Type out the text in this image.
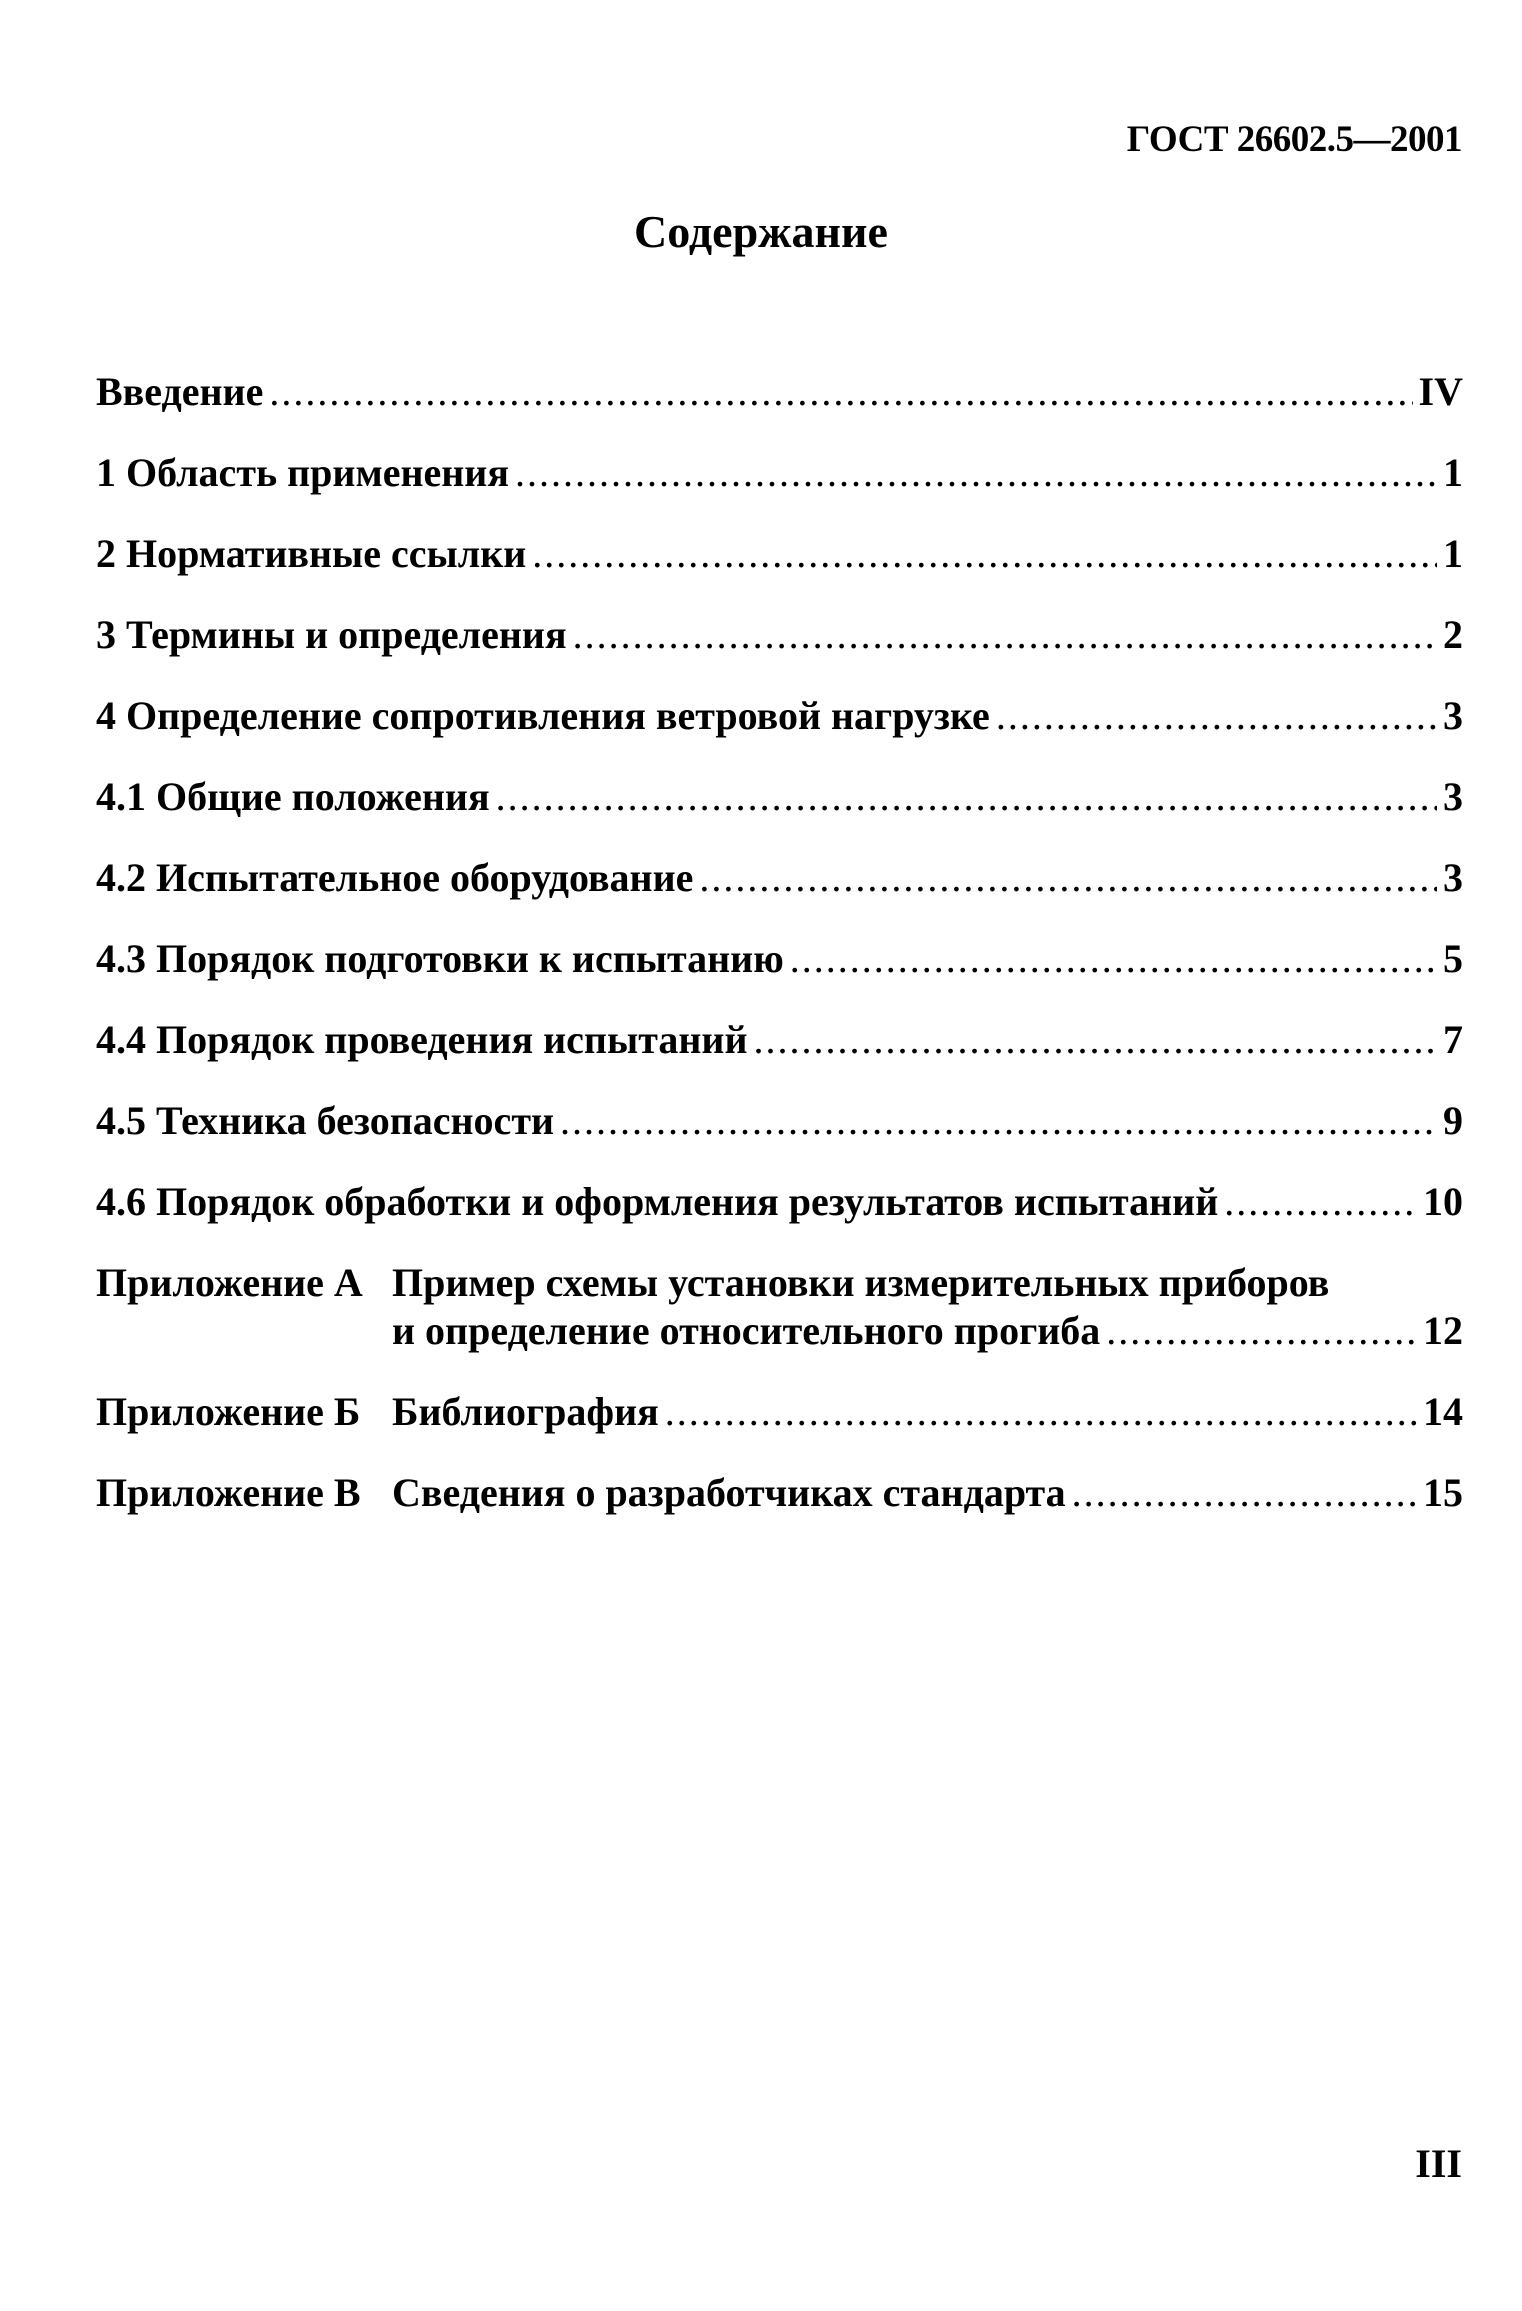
ГОСТ 26602.5—2001
Содержание
Введение .....	IV
1 Область применения .....	1
2 Нормативные ссылки .....	1
3 Термины и определения .....	2
4 Определение сопротивления ветровой нагрузке .....	3
4.1 Общие положения .....	3
4.2 Испытательное оборудование .....	3
4.3 Порядок подготовки к испытанию .....	5
4.4 Порядок проведения испытаний .....	7
4.5 Техника безопасности .....	9
4.6 Порядок обработки и оформления результатов испытаний .....	10
Приложение А Пример схемы установки измерительных приборов
и определение относительного прогиба .....	12
Приложение Б Библиография .....	14
Приложение В Сведения о разработчиках стандарта .....	15
III
